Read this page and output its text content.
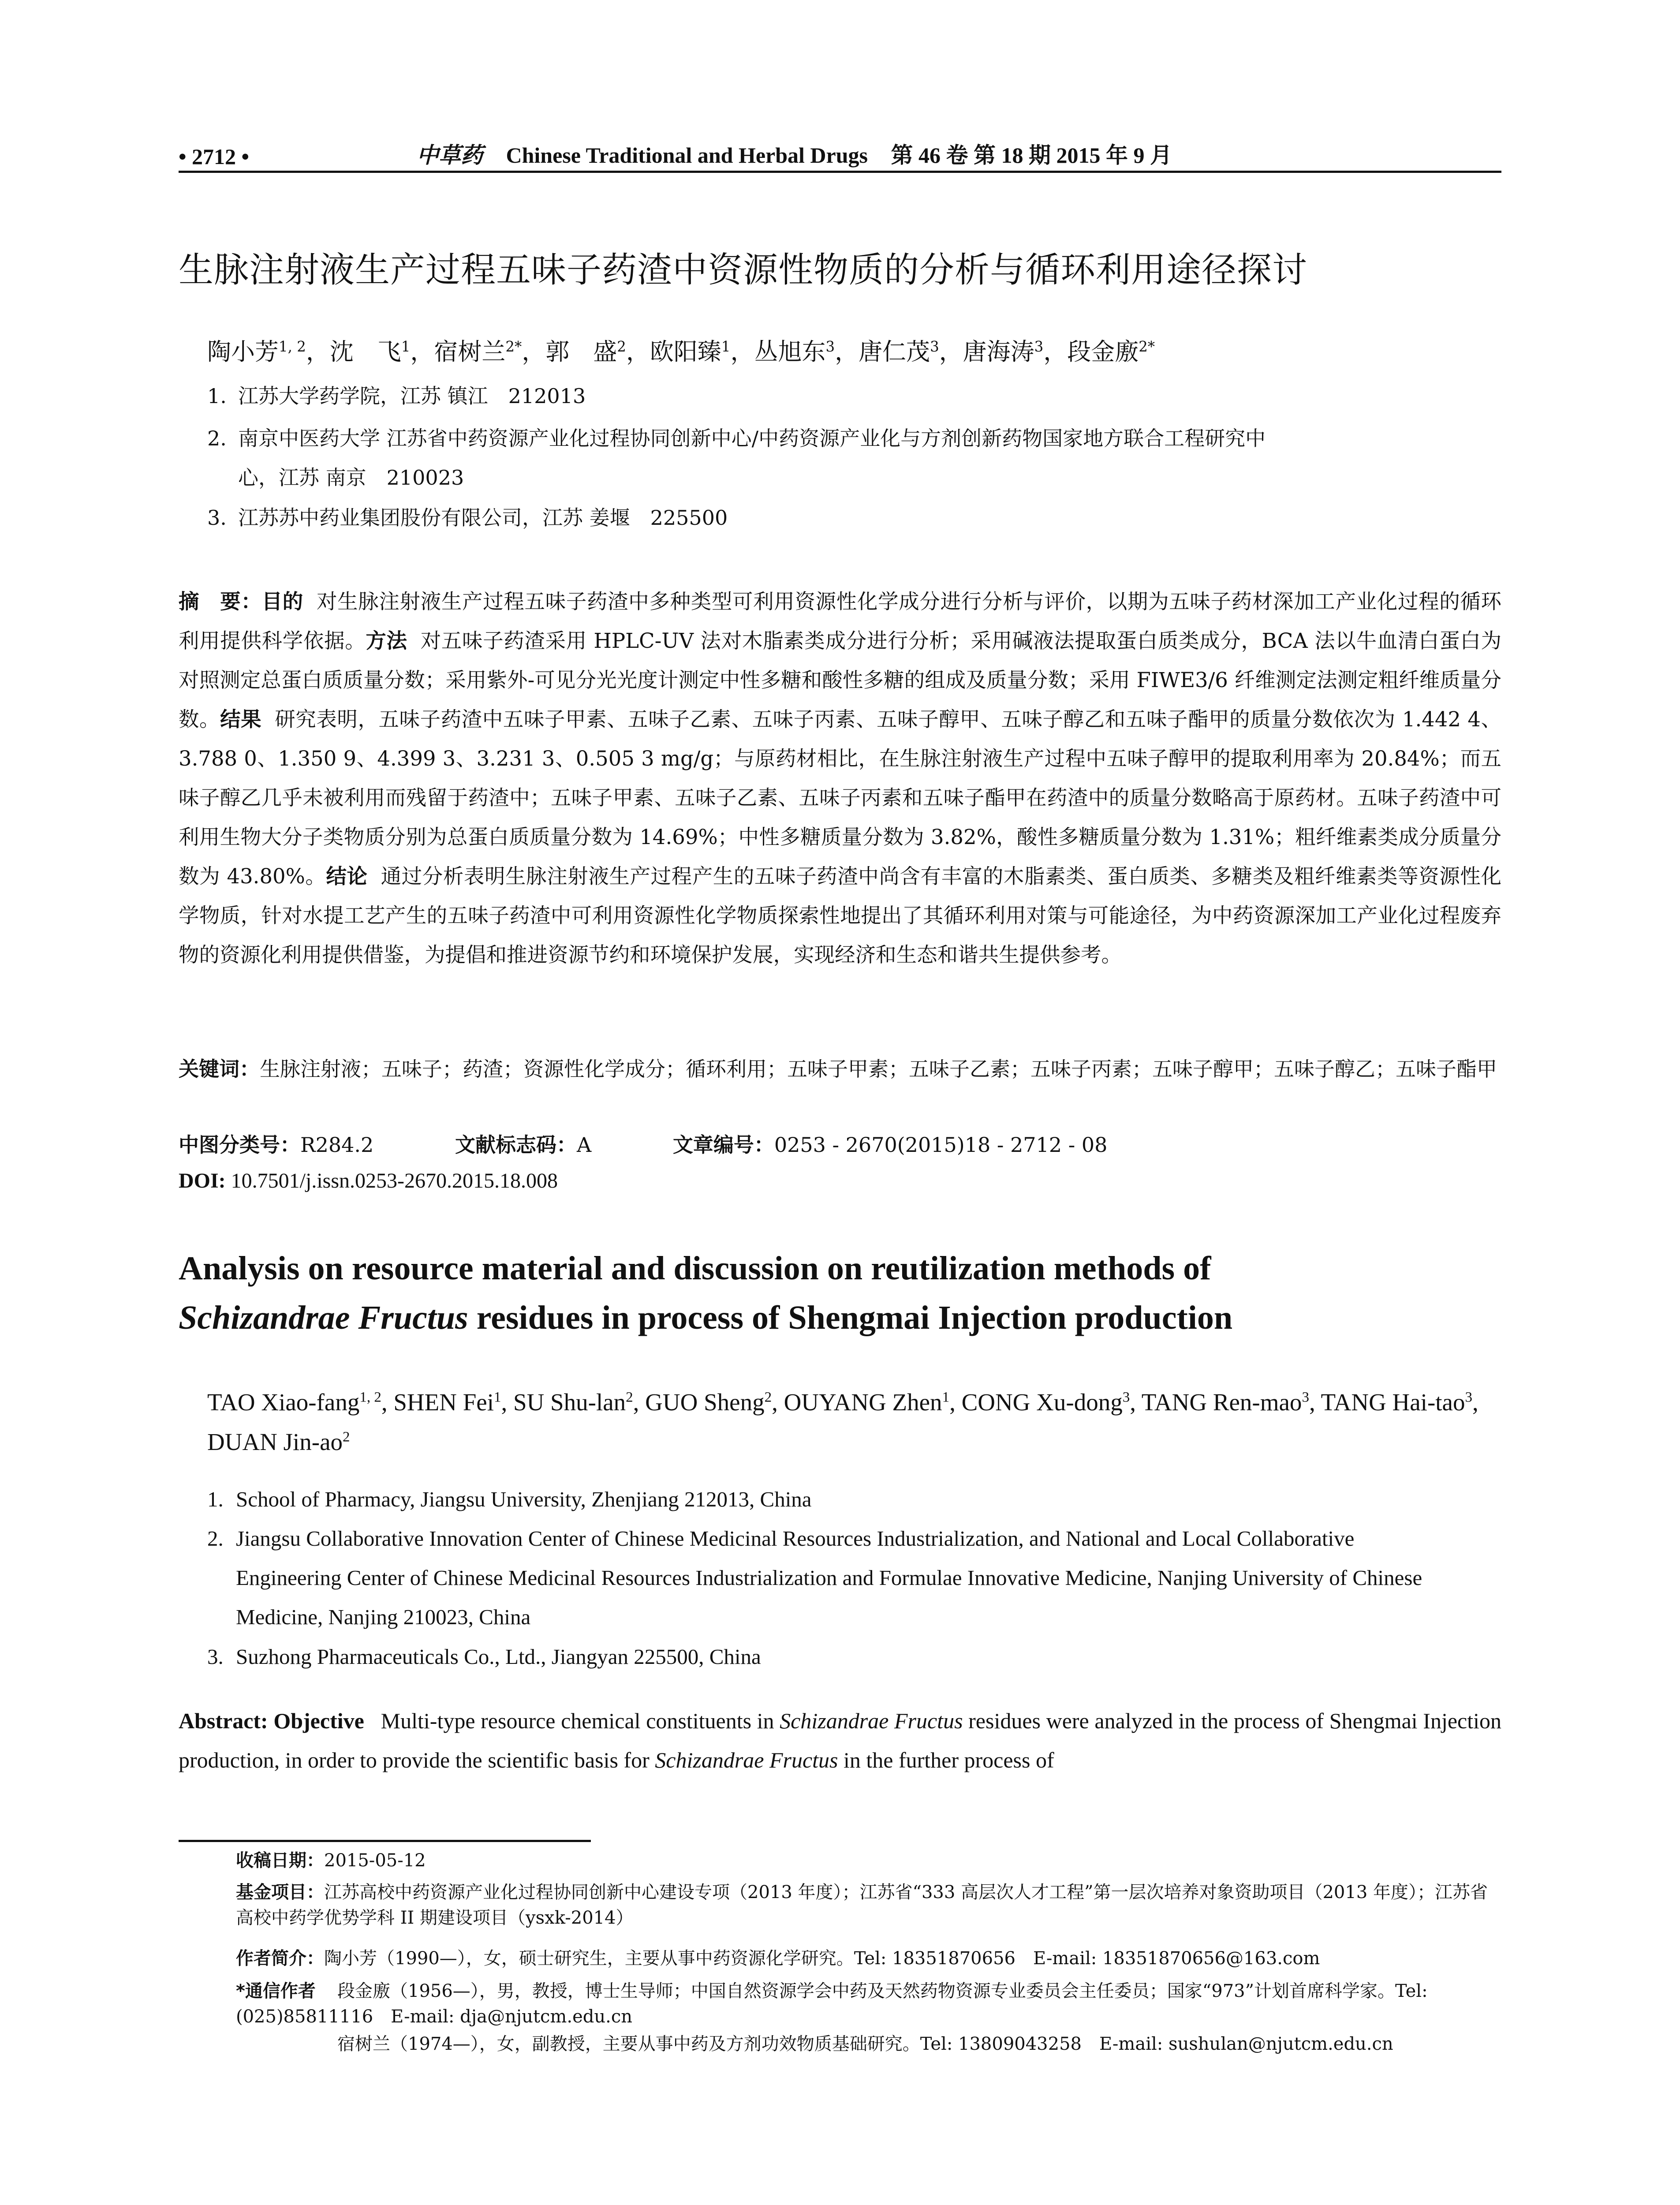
• 2712 •	中草药 Chinese Traditional and Herbal Drugs 第 46 卷 第 18 期 2015 年 9 月
生脉注射液生产过程五味子药渣中资源性物质的分析与循环利用途径探讨
陶小芳$^{1, 2}$，沈　飞$^1$，宿树兰$^{2*}$，郭　盛$^2$，欧阳臻$^1$，丛旭东$^3$，唐仁茂$^3$，唐海涛$^3$，段金廒$^{2*}$
1. 江苏大学药学院，江苏 镇江　212013
2. 南京中医药大学 江苏省中药资源产业化过程协同创新中心/中药资源产业化与方剂创新药物国家地方联合工程研究中
心，江苏 南京　210023
3. 江苏苏中药业集团股份有限公司，江苏 姜堰　225500
摘　要：目的 对生脉注射液生产过程五味子药渣中多种类型可利用资源性化学成分进行分析与评价，以期为五味子药材深加工产业化过程的循环利用提供科学依据。方法 对五味子药渣采用 HPLC-UV 法对木脂素类成分进行分析；采用碱液法提取蛋白质类成分，BCA 法以牛血清白蛋白为对照测定总蛋白质质量分数；采用紫外-可见分光光度计测定中性多糖和酸性多糖的组成及质量分数；采用 FIWE3/6 纤维测定法测定粗纤维质量分数。结果 研究表明，五味子药渣中五味子甲素、五味子乙素、五味子丙素、五味子醇甲、五味子醇乙和五味子酯甲的质量分数依次为 1.442 4、3.788 0、1.350 9、4.399 3、3.231 3、0.505 3 mg/g；与原药材相比，在生脉注射液生产过程中五味子醇甲的提取利用率为 20.84%；而五味子醇乙几乎未被利用而残留于药渣中；五味子甲素、五味子乙素、五味子丙素和五味子酯甲在药渣中的质量分数略高于原药材。五味子药渣中可利用生物大分子类物质分别为总蛋白质质量分数为 14.69%；中性多糖质量分数为 3.82%，酸性多糖质量分数为 1.31%；粗纤维素类成分质量分数为 43.80%。结论 通过分析表明生脉注射液生产过程产生的五味子药渣中尚含有丰富的木脂素类、蛋白质类、多糖类及粗纤维素类等资源性化学物质，针对水提工艺产生的五味子药渣中可利用资源性化学物质探索性地提出了其循环利用对策与可能途径，为中药资源深加工产业化过程废弃物的资源化利用提供借鉴，为提倡和推进资源节约和环境保护发展，实现经济和生态和谐共生提供参考。
关键词：生脉注射液；五味子；药渣；资源性化学成分；循环利用；五味子甲素；五味子乙素；五味子丙素；五味子醇甲；五味子醇乙；五味子酯甲
中图分类号：R284.2	文献标志码：A	文章编号：0253 - 2670(2015)18 - 2712 - 08
DOI: 10.7501/j.issn.0253-2670.2015.18.008
Analysis on resource material and discussion on reutilization methods of
Schizandrae Fructus residues in process of Shengmai Injection production
TAO Xiao-fang$^{1, 2}$, SHEN Fei$^1$, SU Shu-lan$^2$, GUO Sheng$^2$, OUYANG Zhen$^1$, CONG Xu-dong$^3$, TANG Ren-mao$^3$, TANG Hai-tao$^3$, DUAN Jin-$ao^2$
1. School of Pharmacy, Jiangsu University, Zhenjiang 212013, China
2. Jiangsu Collaborative Innovation Center of Chinese Medicinal Resources Industrialization, and National and Local Collaborative
Engineering Center of Chinese Medicinal Resources Industrialization and Formulae Innovative Medicine, Nanjing University of Chinese Medicine, Nanjing 210023, China
3. Suzhong Pharmaceuticals Co., Ltd., Jiangyan 225500, China
Abstract: Objective Multi-type resource chemical constituents in Schizandrae Fructus residues were analyzed in the process of Shengmai Injection production, in order to provide the scientific basis for Schizandrae Fructus in the further process of
收稿日期：2015-05-12
基金项目：江苏高校中药资源产业化过程协同创新中心建设专项（2013 年度）；江苏省“333 高层次人才工程”第一层次培养对象资助项目（2013 年度）；江苏省高校中药学优势学科 II 期建设项目（ysxk-2014）
作者简介：陶小芳（1990—），女，硕士研究生，主要从事中药资源化学研究。Tel: 18351870656　E-mail: 18351870656@163.com
*通信作者 段金廒（1956—），男，教授，博士生导师；中国自然资源学会中药及天然药物资源专业委员会主任委员；国家“973”计划首席科学家。Tel: (025)85811116　E-mail: dja@njutcm.edu.cn
宿树兰（1974—），女，副教授，主要从事中药及方剂功效物质基础研究。Tel: 13809043258　E-mail: sushulan@njutcm.edu.cn
